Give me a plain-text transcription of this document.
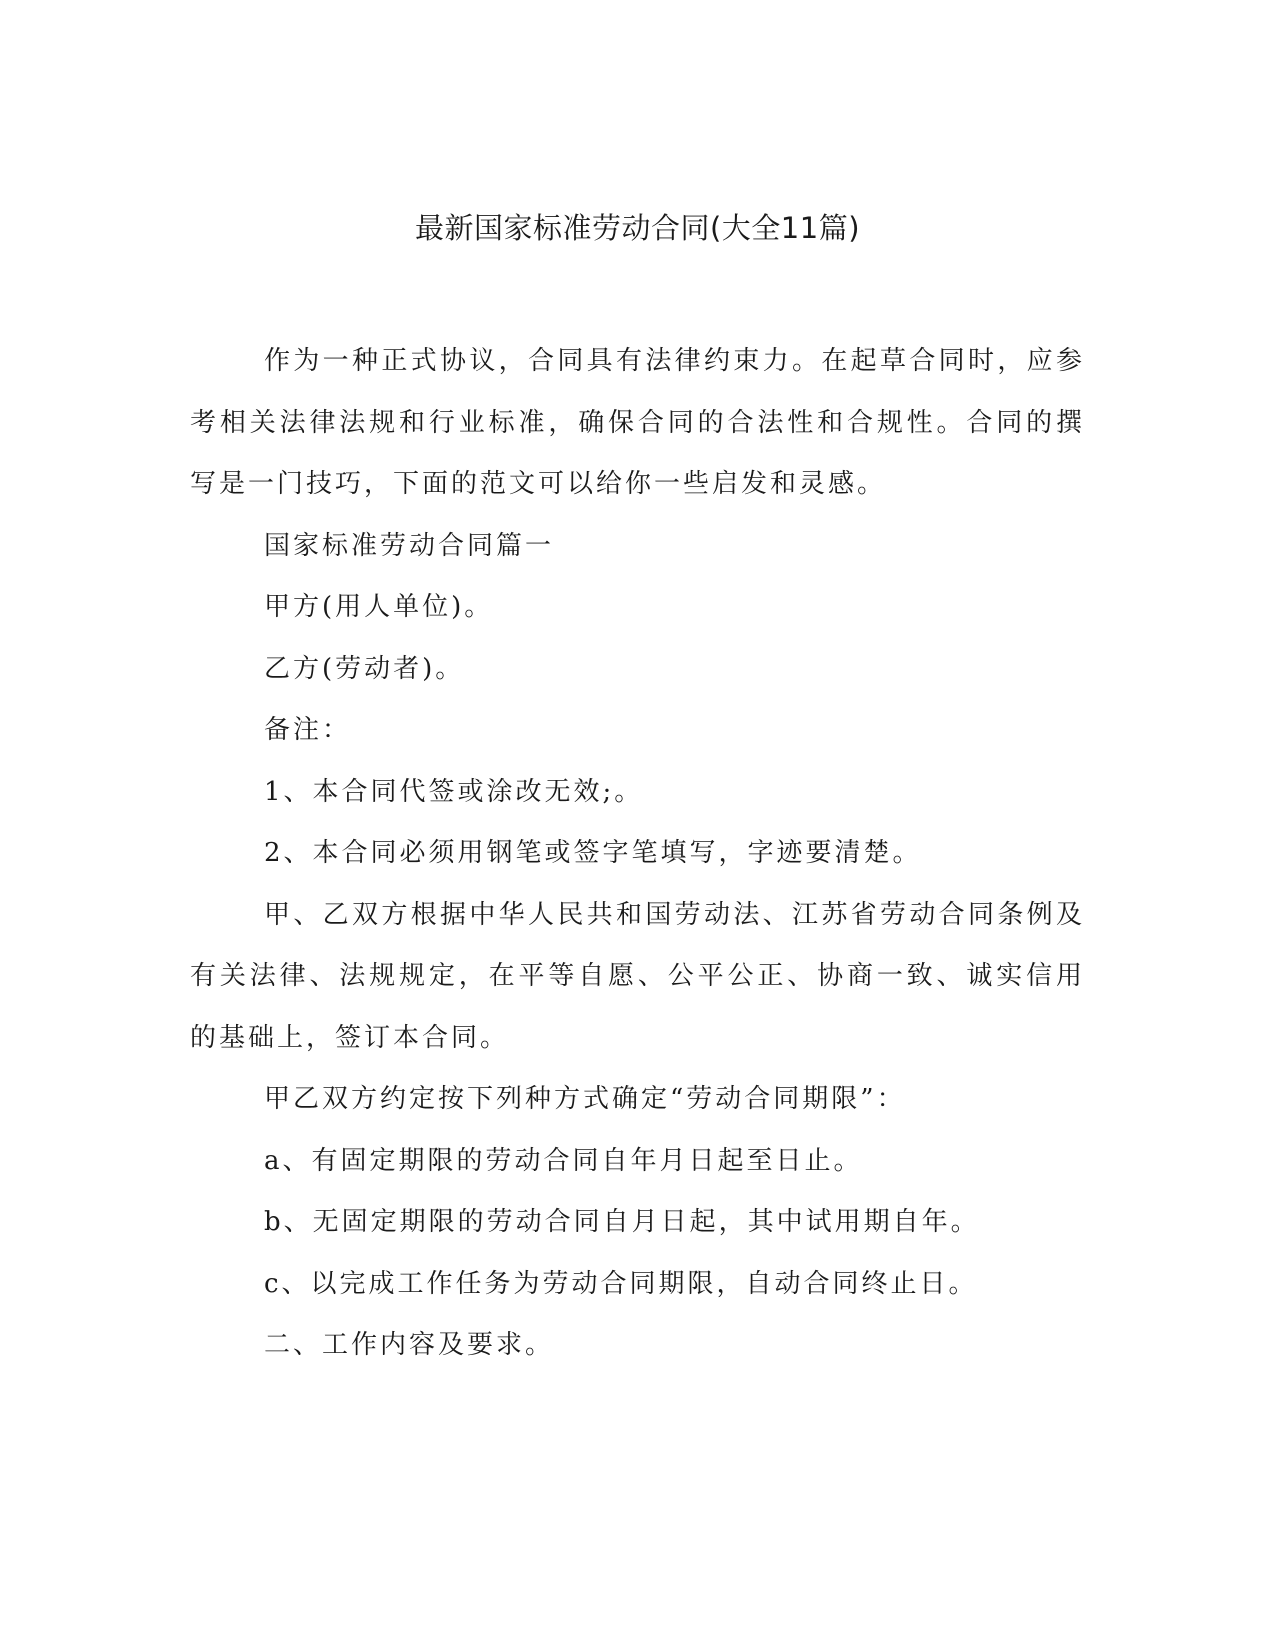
最新国家标准劳动合同(大全11篇)

作为一种正式协议，合同具有法律约束力。在起草合同时，应参考相关法律法规和行业标准，确保合同的合法性和合规性。合同的撰写是一门技巧，下面的范文可以给你一些启发和灵感。

国家标准劳动合同篇一

甲方(用人单位)。

乙方(劳动者)。

备注：

1、本合同代签或涂改无效;。

2、本合同必须用钢笔或签字笔填写，字迹要清楚。

甲、乙双方根据中华人民共和国劳动法、江苏省劳动合同条例及有关法律、法规规定，在平等自愿、公平公正、协商一致、诚实信用的基础上，签订本合同。

甲乙双方约定按下列种方式确定“劳动合同期限”：

a、有固定期限的劳动合同自年月日起至日止。

b、无固定期限的劳动合同自月日起，其中试用期自年。

c、以完成工作任务为劳动合同期限，自动合同终止日。

二、工作内容及要求。
